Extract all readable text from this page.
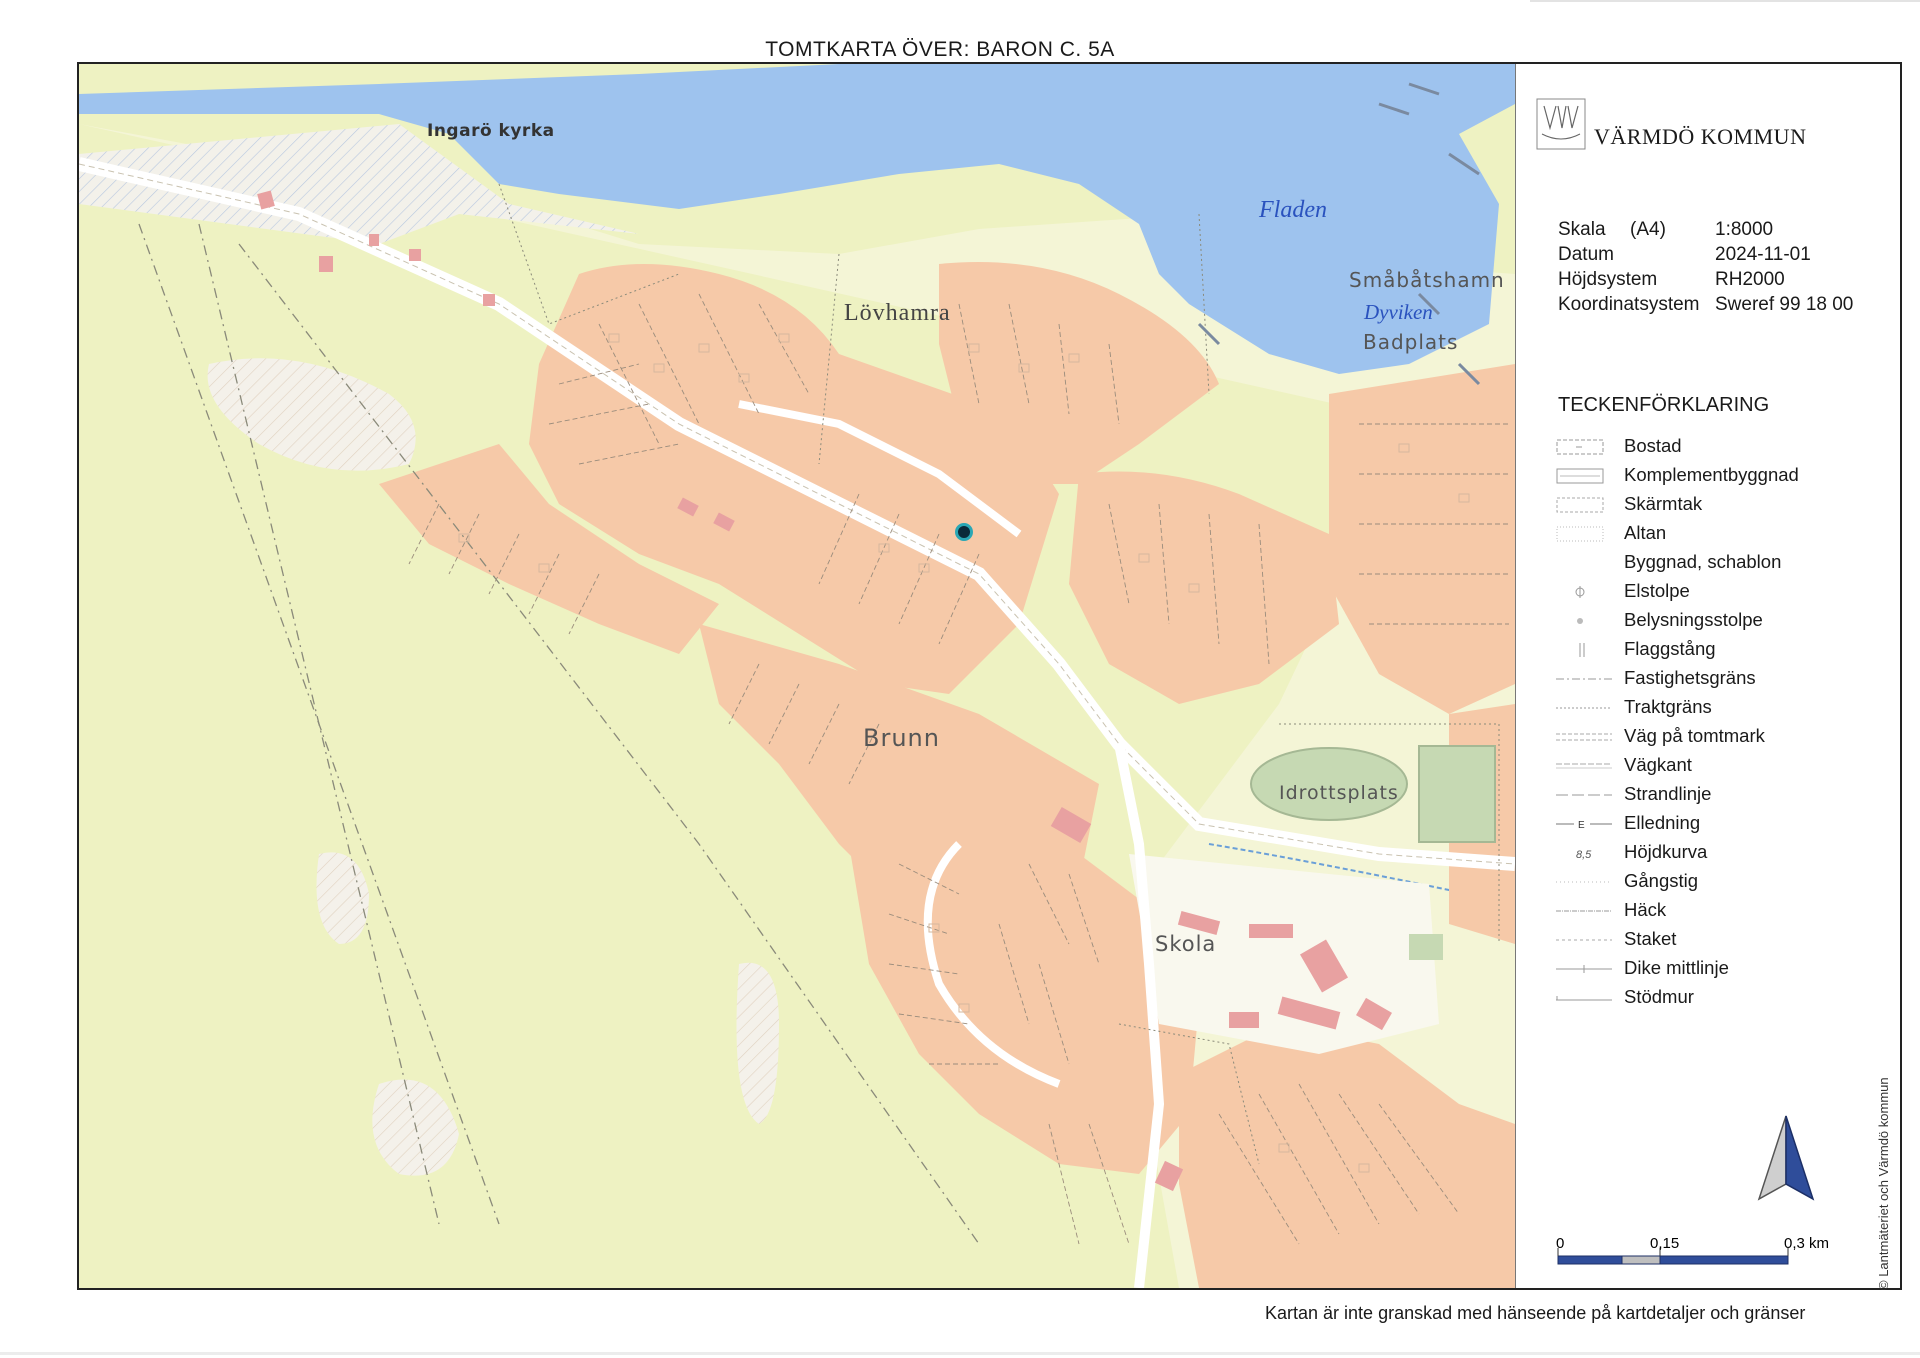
TOMTKARTA ÖVER: BARON C. 5A
Ingarö kyrka
Fladen
Lövhamra
Småbåtshamn
Dyviken
Badplats
Brunn
Idrottsplats
Skola
VÄRMDÖ KOMMUN
Skala (A4)	1:8000
Datum	2024-11-01
Höjdsystem	RH2000
Koordinatsystem Sweref 99 18 00
TECKENFÖRKLARING
Bostad
Komplementbyggnad
Skärmtak
Altan
Byggnad, schablon
Elstolpe
Belysningsstolpe
Flaggstång
Fastighetsgräns
Traktgräns
Väg på tomtmark
Vägkant
Strandlinje
E Elledning
8,5 Höjdkurva
Gångstig
Häck
Staket
Dike mittlinje
Stödmur
0	0,15	0,3 km	© Lantmäteriet och Värmdö kommun
Kartan är inte granskad med hänseende på kartdetaljer och gränser
